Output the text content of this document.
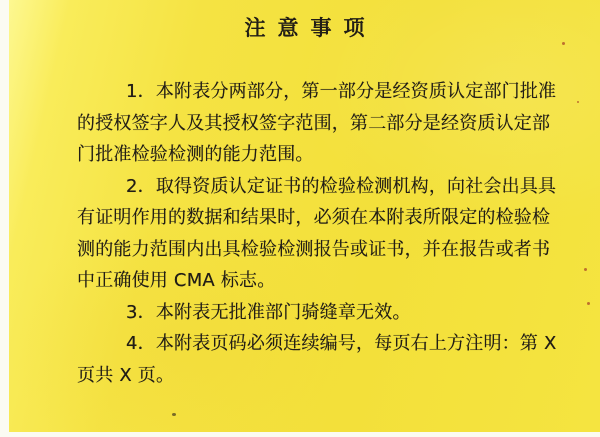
注意事项
1．本附表分两部分，第一部分是经资质认定部门批准
的授权签字人及其授权签字范围，第二部分是经资质认定部
门批准检验检测的能力范围。
2．取得资质认定证书的检验检测机构，向社会出具具
有证明作用的数据和结果时，必须在本附表所限定的检验检
测的能力范围内出具检验检测报告或证书，并在报告或者书
中正确使用 CMA 标志。
3．本附表无批准部门骑缝章无效。
4．本附表页码必须连续编号，每页右上方注明：第 X
页共 X 页。
